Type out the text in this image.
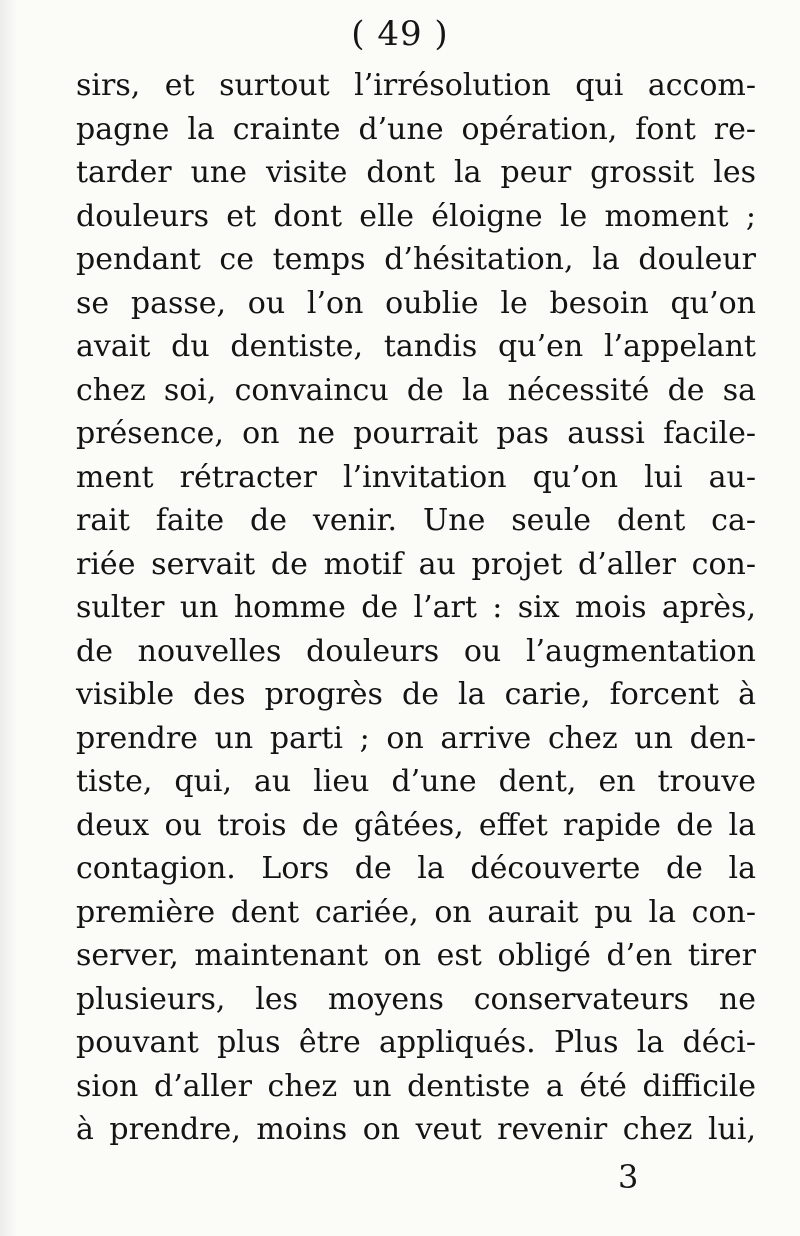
( 49 )
sirs, et surtout l’irrésolution qui accom-
pagne la crainte d’une opération, font re-
tarder une visite dont la peur grossit les
douleurs et dont elle éloigne le moment ;
pendant ce temps d’hésitation, la douleur
se passe, ou l’on oublie le besoin qu’on
avait du dentiste, tandis qu’en l’appelant
chez soi, convaincu de la nécessité de sa
présence, on ne pourrait pas aussi facile-
ment rétracter l’invitation qu’on lui au-
rait faite de venir. Une seule dent ca-
riée servait de motif au projet d’aller con-
sulter un homme de l’art : six mois après,
de nouvelles douleurs ou l’augmentation
visible des progrès de la carie, forcent à
prendre un parti ; on arrive chez un den-
tiste, qui, au lieu d’une dent, en trouve
deux ou trois de gâtées, effet rapide de la
contagion. Lors de la découverte de la
première dent cariée, on aurait pu la con-
server, maintenant on est obligé d’en tirer
plusieurs, les moyens conservateurs ne
pouvant plus être appliqués. Plus la déci-
sion d’aller chez un dentiste a été difficile
à prendre, moins on veut revenir chez lui,
3
